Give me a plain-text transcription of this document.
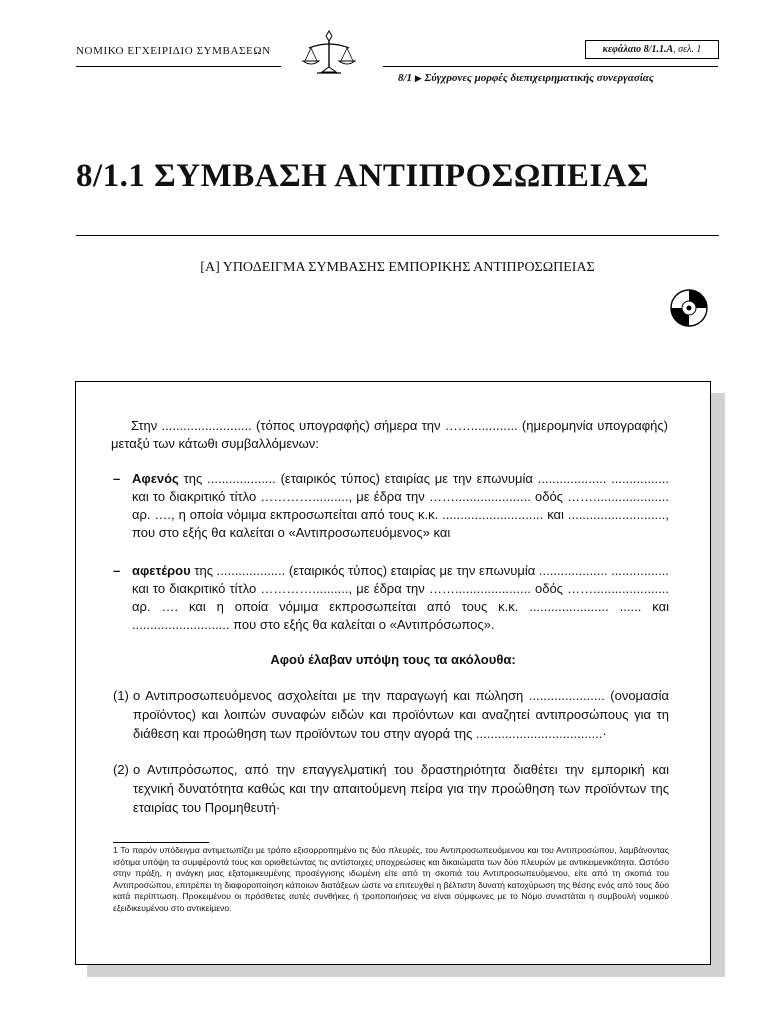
ΝΟΜΙΚΟ ΕΓΧΕΙΡΙΔΙΟ ΣΥΜΒΑΣΕΩΝ	κεφάλαιο 8/1.1.Α, σελ. 1
8/1 ▶ Σύγχρονες μορφές διεπιχειρηματικής συνεργασίας
8/1.1 ΣΥΜΒΑΣΗ ΑΝΤΙΠΡΟΣΩΠΕΙΑΣ
[Α] ΥΠΟΔΕΙΓΜΑ ΣΥΜΒΑΣΗΣ ΕΜΠΟΡΙΚΗΣ ΑΝΤΙΠΡΟΣΩΠΕΙΑΣ
Στην ......................... (τόπος υπογραφής) σήμερα την ……............. (ημερομηνία υπογραφής) μεταξύ των κάτωθι συμβαλλόμενων:
– Αφενός της ................... (εταιρικός τύπος) εταιρίας με την επωνυμία ................... ................ και το διακριτικό τίτλο ………….........., με έδρα την ……..................... οδός ……..................... αρ. …., η οποία νόμιμα εκπροσωπείται από τους κ.κ. ............................ και ..........................., που στο εξής θα καλείται ο «Αντιπροσωπευόμενος» και
– αφετέρου της ................... (εταιρικός τύπος) εταιρίας με την επωνυμία ................... ................ και το διακριτικό τίτλο ………….........., με έδρα την ……..................... οδός ……..................... αρ. …. και η οποία νόμιμα εκπροσωπείται από τους κ.κ. ...................... ...... και ........................... που στο εξής θα καλείται ο «Αντιπρόσωπος».
Αφού έλαβαν υπόψη τους τα ακόλουθα:
(1) ο Αντιπροσωπευόμενος ασχολείται με την παραγωγή και πώληση ..................... (ονομασία προϊόντος) και λοιπών συναφών ειδών και προϊόντων και αναζητεί αντιπροσώπους για τη διάθεση και προώθηση των προϊόντων του στην αγορά της ...................................·
(2) ο Αντιπρόσωπος, από την επαγγελματική του δραστηριότητα διαθέτει την εμπορική και τεχνική δυνατότητα καθώς και την απαιτούμενη πείρα για την προώθηση των προϊόντων της εταιρίας του Προμηθευτή·
1 Το παρόν υπόδειγμα αντιμετωπίζει με τρόπο εξισορροπημένο τις δύο πλευρές, του Αντιπροσωπευόμενου και του Αντιπροσώπου, λαμβάνοντας ισότιμα υπόψη τα συμφέροντά τους και οριοθετώντας τις αντίστοιχες υποχρεώσεις και δικαιώματα των δύο πλευρών με αντικειμενικότητα. Ωστόσο στην πράξη, η ανάγκη μιας εξατομικευμένης προσέγγισης ιδωμένη είτε από τη σκοπιά του Αντιπροσωπευόμενου, είτε από τη σκοπιά του Αντιπροσώπου, επιτρέπει τη διαφοροποίηση κάποιων διατάξεων ώστε να επιτευχθεί η βέλτιστη δυνατή κατοχύρωση της θέσης ενός από τους δύο κατά περίπτωση. Προκειμένου οι πρόσθετες αυτές συνθήκες ή τροποποιήσεις να είναι σύμφωνες με το Νόμο συνιστάται η συμβουλή νομικού εξειδικευμένου στο αντικείμενο.
